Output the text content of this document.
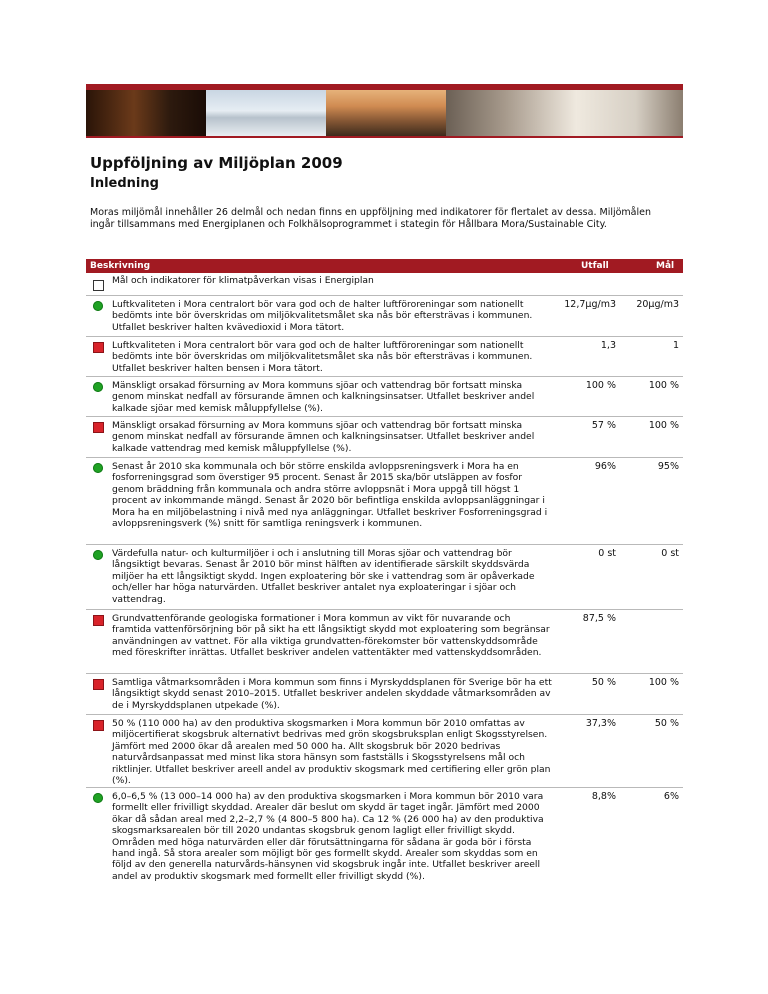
Uppföljning av Miljöplan 2009
Inledning

Moras miljömål innehåller 26 delmål och nedan finns en uppföljning med indikatorer för flertalet av dessa. Miljömålen ingår tillsammans med Energiplanen och Folkhälsoprogrammet i stategin för Hållbara Mora/Sustainable City.

Beskrivning	Utfall	Mål
Mål och indikatorer för klimatpåverkan visas i Energiplan
Luftkvaliteten i Mora centralort bör vara god och de halter luftföroreningar som nationellt bedömts inte bör överskridas om miljökvalitetsmålet ska nås bör eftersträvas i kommunen. Utfallet beskriver halten kvävedioxid i Mora tätort.
12,7µg/m3	20µg/m3
Luftkvaliteten i Mora centralort bör vara god och de halter luftföroreningar som nationellt bedömts inte bör överskridas om miljökvalitetsmålet ska nås bör eftersträvas i kommunen. Utfallet beskriver halten bensen i Mora tätort.
1,3	1
Mänskligt orsakad försurning av Mora kommuns sjöar och vattendrag bör fortsatt minska genom minskat nedfall av försurande ämnen och kalkningsinsatser. Utfallet beskriver andel kalkade sjöar med kemisk måluppfyllelse (%).
100 %	100 %
Mänskligt orsakad försurning av Mora kommuns sjöar och vattendrag bör fortsatt minska genom minskat nedfall av försurande ämnen och kalkningsinsatser. Utfallet beskriver andel kalkade vattendrag med kemisk måluppfyllelse (%).
57 %	100 %
Senast år 2010 ska kommunala och bör större enskilda avloppsreningsverk i Mora ha en fosforreningsgrad som överstiger 95 procent. Senast år 2015 ska/bör utsläppen av fosfor genom bräddning från kommunala och andra större avloppsnät i Mora uppgå till högst 1 procent av inkommande mängd. Senast år 2020 bör befintliga enskilda avloppsanläggningar i Mora ha en miljöbelastning i nivå med nya anläggningar. Utfallet beskriver Fosforreningsgrad i avloppsreningsverk (%) snitt för samtliga reningsverk i kommunen.
96%	95%
Värdefulla natur- och kulturmiljöer i och i anslutning till Moras sjöar och vattendrag bör långsiktigt bevaras. Senast år 2010 bör minst hälften av identifierade särskilt skyddsvärda miljöer ha ett långsiktigt skydd. Ingen exploatering bör ske i vattendrag som är opåverkade och/eller har höga naturvärden. Utfallet beskriver antalet nya exploateringar i sjöar och vattendrag.
0 st	0 st
Grundvattenförande geologiska formationer i Mora kommun av vikt för nuvarande och framtida vattenförsörjning bör på sikt ha ett långsiktigt skydd mot exploatering som begränsar användningen av vattnet. För alla viktiga grundvatten-förekomster bör vattenskyddsområde med föreskrifter inrättas. Utfallet beskriver andelen vattentäkter med vattenskyddsområden.
87,5 %
Samtliga våtmarksområden i Mora kommun som finns i Myrskyddsplanen för Sverige bör ha ett långsiktigt skydd senast 2010–2015. Utfallet beskriver andelen skyddade våtmarksområden av de i Myrskyddsplanen utpekade (%).
50 %	100 %
50 % (110 000 ha) av den produktiva skogsmarken i Mora kommun bör 2010 omfattas av miljöcertifierat skogsbruk alternativt bedrivas med grön skogsbruksplan enligt Skogsstyrelsen. Jämfört med 2000 ökar då arealen med 50 000 ha. Allt skogsbruk bör 2020 bedrivas naturvårdsanpassat med minst lika stora hänsyn som fastställs i Skogsstyrelsens mål och riktlinjer. Utfallet beskriver areell andel av produktiv skogsmark med certifiering eller grön plan (%).
37,3%	50 %
6,0–6,5 % (13 000–14 000 ha) av den produktiva skogsmarken i Mora kommun bör 2010 vara formellt eller frivilligt skyddad. Arealer där beslut om skydd är taget ingår. Jämfört med 2000 ökar då sådan areal med 2,2–2,7 % (4 800–5 800 ha). Ca 12 % (26 000 ha) av den produktiva skogsmarksarealen bör till 2020 undantas skogsbruk genom lagligt eller frivilligt skydd. Områden med höga naturvärden eller där förutsättningarna för sådana är goda bör i första hand ingå. Så stora arealer som möjligt bör ges formellt skydd. Arealer som skyddas som en följd av den generella naturvårds-hänsynen vid skogsbruk ingår inte. Utfallet beskriver areell andel av produktiv skogsmark med formellt eller frivilligt skydd (%).
8,8%	6%
